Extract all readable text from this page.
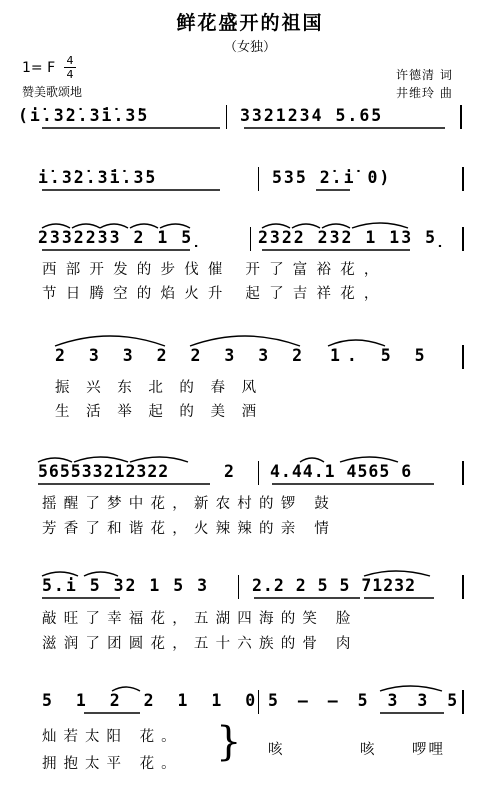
鲜花盛开的祖国
（女独）
1= F 4
4
赞美歌颂地
许德清 词
井维玲 曲
(i̇.3̇2̇.3̇i̇.3̇5	3321234 5.65
i̇.3̇2̇.3̇i̇.3̇5	535 2̇.i̇ 0)
2332233 2 1 5̣	2322 232 1 13 5̣
西部开发的步伐催 开了富裕花，
节日腾空的焰火升 起了吉祥花，
2 3 3 2 2 3 3 2 1. 5 5
振 兴 东 北 的 春 风
生 活 举 起 的 美 酒
565533212322	2 4.44.1 4565 6
摇醒了梦中花，新农村的锣 鼓
芳香了和谐花，火辣辣的亲 情
5.i 5 32 1 5 3	2.2 2 5 5 71232
敲旺了幸福花，五湖四海的笑 脸
滋润了团圆花，五十六族的骨 肉
5 1 2 2 1 1 0 5 – – 5 3 3 5
灿若太阳 花。
拥抱太平 花。 } 咳	咳 啰哩
